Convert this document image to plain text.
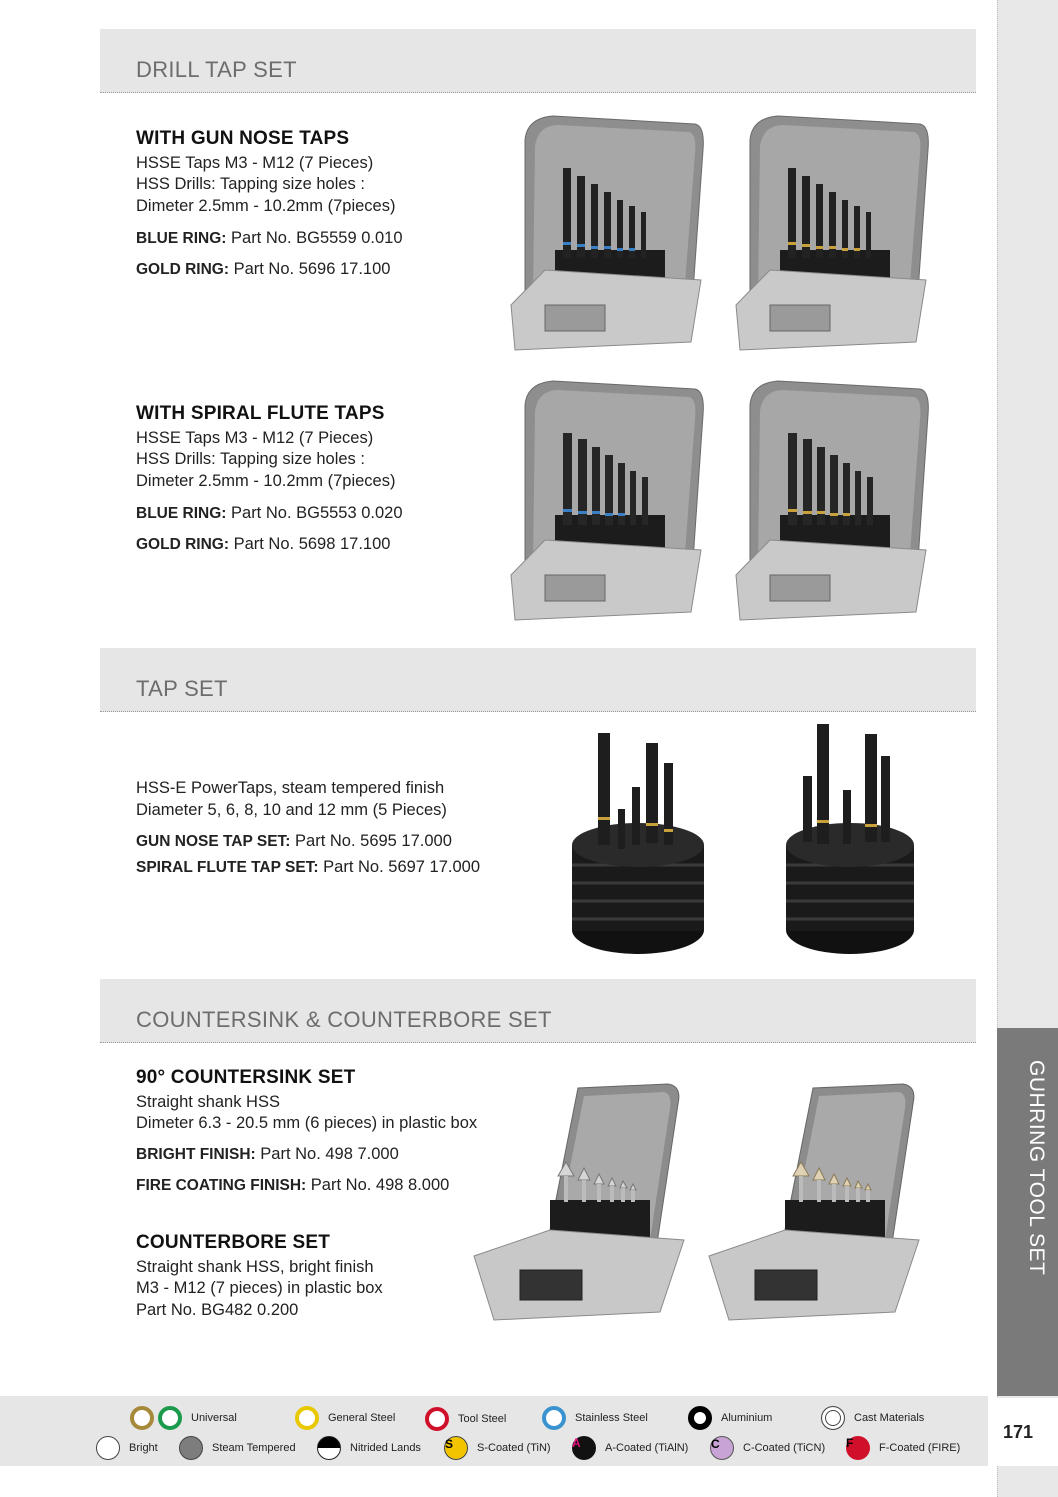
GUHRING TOOL SET
171
DRILL TAP SET
WITH GUN NOSE TAPS
HSSE Taps M3 - M12 (7 Pieces)
HSS Drills: Tapping size holes :
Dimeter 2.5mm - 10.2mm (7pieces)
BLUE RING: Part No. BG5559 0.010
GOLD RING: Part No. 5696 17.100
WITH SPIRAL FLUTE TAPS
HSSE Taps M3 - M12 (7 Pieces)
HSS Drills: Tapping size holes :
Dimeter 2.5mm - 10.2mm (7pieces)
BLUE RING: Part No. BG5553 0.020
GOLD RING: Part No. 5698 17.100
TAP SET
HSS-E PowerTaps, steam tempered finish
Diameter 5, 6, 8, 10 and 12 mm (5 Pieces)
GUN NOSE TAP SET: Part No. 5695 17.000
SPIRAL FLUTE TAP SET: Part No. 5697 17.000
COUNTERSINK & COUNTERBORE SET
90° COUNTERSINK SET
Straight shank HSS
Dimeter 6.3 - 20.5 mm (6 pieces) in plastic box
BRIGHT FINISH: Part No. 498 7.000
FIRE COATING FINISH: Part No. 498 8.000
COUNTERBORE SET
Straight shank HSS, bright finish
M3 - M12 (7 pieces) in plastic box
Part No. BG482 0.200
Universal	General Steel	Tool Steel	Stainless Steel	Aluminium	Cast Materials
Bright	Steam Tempered	Nitrided Lands S	S-Coated (TiN) A	A-Coated (TiAlN) C	C-Coated (TiCN) F	F-Coated (FIRE)
